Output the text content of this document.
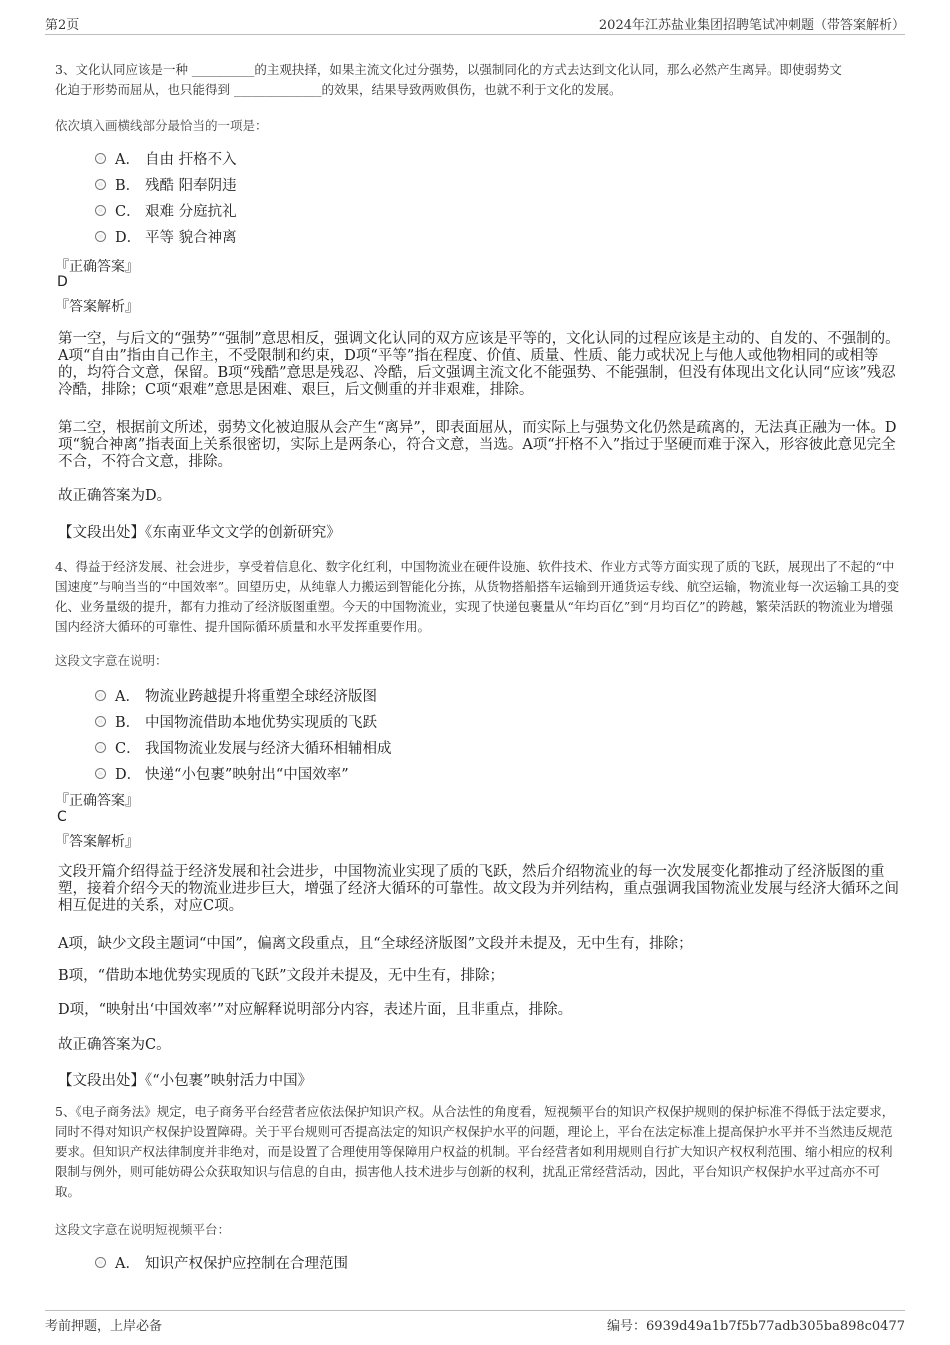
第2页	2024年江苏盐业集团招聘笔试冲刺题（带答案解析）
3、文化认同应该是一种 __________的主观抉择，如果主流文化过分强势，以强制同化的方式去达到文化认同，那么必然产生离异。即使弱势文
化迫于形势而屈从，也只能得到 ______________的效果，结果导致两败俱伤，也就不利于文化的发展。
依次填入画横线部分最恰当的一项是：
A． 自由 扞格不入
B． 残酷 阳奉阴违
C． 艰难 分庭抗礼
D． 平等 貌合神离
『正确答案』
D
『答案解析』
第一空，与后文的“强势”“强制”意思相反，强调文化认同的双方应该是平等的，文化认同的过程应该是主动的、自发的、不强制的。A项“自由”指由自己作主，不受限制和约束，D项“平等”指在程度、价值、质量、性质、能力或状况上与他人或他物相同的或相等的，均符合文意，保留。B项“残酷”意思是残忍、冷酷，后文强调主流文化不能强势、不能强制，但没有体现出文化认同“应该”残忍冷酷，排除；C项“艰难”意思是困难、艰巨，后文侧重的并非艰难，排除。
第二空，根据前文所述，弱势文化被迫服从会产生“离异”，即表面屈从，而实际上与强势文化仍然是疏离的，无法真正融为一体。D项“貌合神离”指表面上关系很密切，实际上是两条心，符合文意，当选。A项“扞格不入”指过于坚硬而难于深入，形容彼此意见完全不合，不符合文意，排除。
故正确答案为D。
【文段出处】《东南亚华文文学的创新研究》
4、得益于经济发展、社会进步，享受着信息化、数字化红利，中国物流业在硬件设施、软件技术、作业方式等方面实现了质的飞跃，展现出了不起的“中国速度”与响当当的“中国效率”。回望历史，从纯靠人力搬运到智能化分拣，从货物搭船搭车运输到开通货运专线、航空运输，物流业每一次运输工具的变化、业务量级的提升，都有力推动了经济版图重塑。今天的中国物流业，实现了快递包裹量从“年均百亿”到“月均百亿”的跨越，繁荣活跃的物流业为增强国内经济大循环的可靠性、提升国际循环质量和水平发挥重要作用。
这段文字意在说明：
A． 物流业跨越提升将重塑全球经济版图
B． 中国物流借助本地优势实现质的飞跃
C． 我国物流业发展与经济大循环相辅相成
D． 快递“小包裹”映射出“中国效率”
『正确答案』
C
『答案解析』
文段开篇介绍得益于经济发展和社会进步，中国物流业实现了质的飞跃，然后介绍物流业的每一次发展变化都推动了经济版图的重塑，接着介绍今天的物流业进步巨大，增强了经济大循环的可靠性。故文段为并列结构，重点强调我国物流业发展与经济大循环之间相互促进的关系，对应C项。
A项，缺少文段主题词“中国”，偏离文段重点，且“全球经济版图”文段并未提及，无中生有，排除；
B项，“借助本地优势实现质的飞跃”文段并未提及，无中生有，排除；
D项，“映射出‘中国效率’”对应解释说明部分内容，表述片面，且非重点，排除。
故正确答案为C。
【文段出处】《“小包裹”映射活力中国》
5、《电子商务法》规定，电子商务平台经营者应依法保护知识产权。从合法性的角度看，短视频平台的知识产权保护规则的保护标准不得低于法定要求，同时不得对知识产权保护设置障碍。关于平台规则可否提高法定的知识产权保护水平的问题，理论上，平台在法定标准上提高保护水平并不当然违反规范要求。但知识产权法律制度并非绝对，而是设置了合理使用等保障用户权益的机制。平台经营者如利用规则自行扩大知识产权权利范围、缩小相应的权利限制与例外，则可能妨碍公众获取知识与信息的自由，损害他人技术进步与创新的权利，扰乱正常经营活动，因此，平台知识产权保护水平过高亦不可取。
这段文字意在说明短视频平台：
A． 知识产权保护应控制在合理范围
考前押题，上岸必备	编号：6939d49a1b7f5b77adb305ba898c0477
